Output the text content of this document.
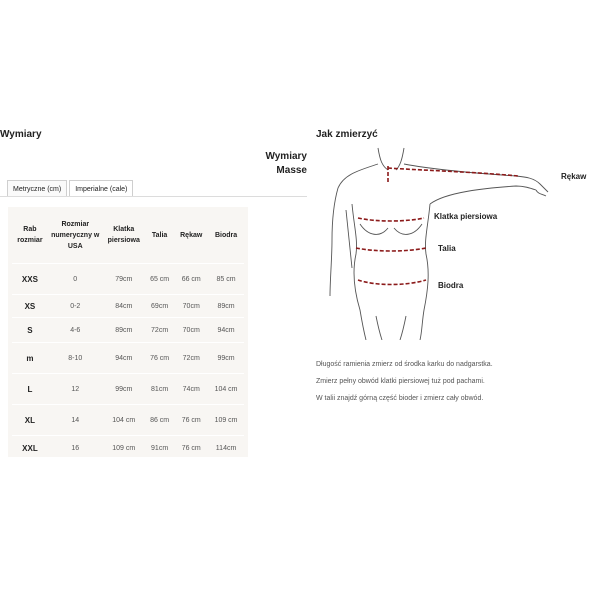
Wymiary	Jak zmierzyć
Wymiary
Masse
Metryczne (cm)	Imperialne (cale)
Rab rozmiar	Rozmiar numeryczny w USA	Klatka piersiowa	Talia	Rękaw	Biodra
XXS	0	79cm	65 cm	66 cm	85 cm
XS	0-2	84cm	69cm	70cm	89cm
S	4-6	89cm	72cm	70cm	94cm
m	8-10	94cm	76 cm	72cm	99cm
L	12	99cm	81cm	74cm	104 cm
XL	14	104 cm	86 cm	76 cm	109 cm
XXL	16	109 cm	91cm	76 cm	114cm
Rękaw
Klatka piersiowa
Talia
Biodra
Długość ramienia zmierz od środka karku do nadgarstka.
Zmierz pełny obwód klatki piersiowej tuż pod pachami.
W talii znajdź górną część bioder i zmierz cały obwód.
